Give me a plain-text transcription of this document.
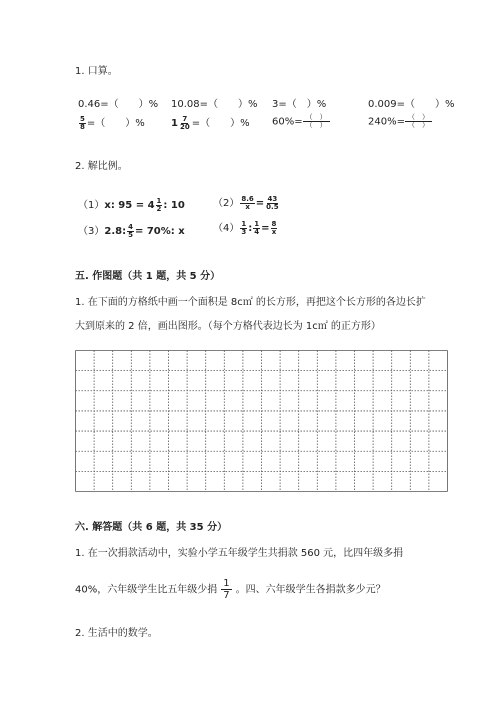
1. 口算。
0.46=（　　）% 10.08=（　　）% 3=（　）%	0.009=（　　）%
$\frac{5}{8}$ =（　　）%	$1 \frac{7}{20}$ =（　　）% $60\%= \frac{( )}{( )}$	$240\%= \frac{( )}{( )}$
2. 解比例。
（1）x: $95 = 4 \frac{1}{2}$ : 10	$(2) \frac{8.6}{x} = \frac{43}{0.5}$
（3）2.8: $\frac{4}{5} = 70\%$: x	$(4) \frac{1}{3}$ : $\frac{1}{4} = \frac{8}{x}$
五. 作图题（共 1 题，共 5 分）
1. 在下面的方格纸中画一个面积是 8c㎡ 的长方形，再把这个长方形的各边长扩
大到原来的 2 倍，画出图形。（每个方格代表边长为 1c㎡ 的正方形）
六. 解答题（共 6 题，共 35 分）
1. 在一次捐款活动中，实验小学五年级学生共捐款 560 元，比四年级多捐
40%，六年级学生比五年级少捐 $\frac{1}{7}$ 。四、六年级学生各捐款多少元？
2. 生活中的数学。
